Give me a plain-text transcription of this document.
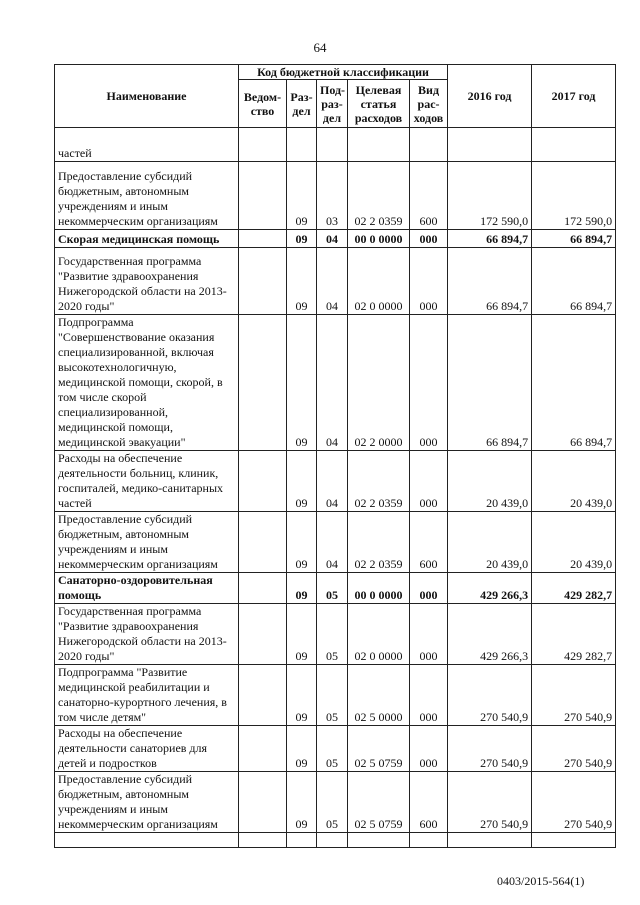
64
Наименование	Код бюджетной классификации					2016 год	2017 год
	Ведом-ство	Раз-дел	Под-раз-дел	Целевая статья расходов	Вид рас-ходов		
частей							
Предоставление субсидий бюджетным, автономным учреждениям и иным некоммерческим организациям		09	03	02 2 0359	600	172 590,0	172 590,0
Скорая медицинская помощь		09	04	00 0 0000	000	66 894,7	66 894,7
Государственная программа "Развитие здравоохранения Нижегородской области на 2013-2020 годы"		09	04	02 0 0000	000	66 894,7	66 894,7
Подпрограмма "Совершенствование оказания специализированной, включая высокотехнологичную, медицинской помощи, скорой, в том числе скорой специализированной, медицинской помощи, медицинской эвакуации"		09	04	02 2 0000	000	66 894,7	66 894,7
Расходы на обеспечение деятельности больниц, клиник, госпиталей, медико-санитарных частей		09	04	02 2 0359	000	20 439,0	20 439,0
Предоставление субсидий бюджетным, автономным учреждениям и иным некоммерческим организациям		09	04	02 2 0359	600	20 439,0	20 439,0
Санаторно-оздоровительная помощь		09	05	00 0 0000	000	429 266,3	429 282,7
Государственная программа "Развитие здравоохранения Нижегородской области на 2013-2020 годы"		09	05	02 0 0000	000	429 266,3	429 282,7
Подпрограмма "Развитие медицинской реабилитации и санаторно-курортного лечения, в том числе детям"		09	05	02 5 0000	000	270 540,9	270 540,9
Расходы на обеспечение деятельности санаториев для детей и подростков		09	05	02 5 0759	000	270 540,9	270 540,9
Предоставление субсидий бюджетным, автономным учреждениям и иным некоммерческим организациям		09	05	02 5 0759	600	270 540,9	270 540,9

0403/2015-564(1)
